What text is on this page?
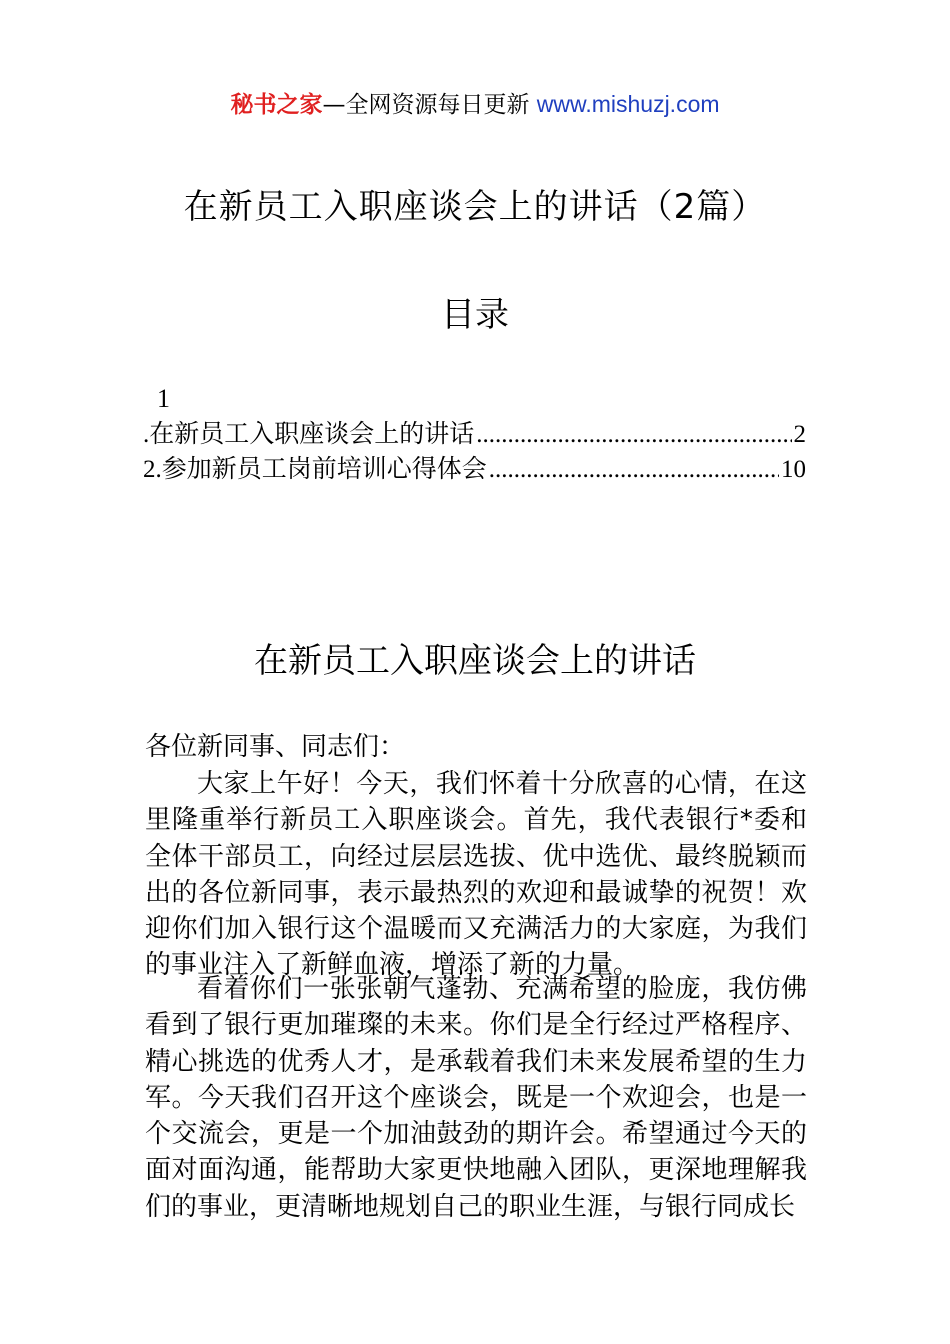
秘书之家—全网资源每日更新 www.mishuzj.com
在新员工入职座谈会上的讲话（2篇）
目录
1
.在新员工入职座谈会上的讲话 .....	2
2.参加新员工岗前培训心得体会 .....	10
在新员工入职座谈会上的讲话
各位新同事、同志们：

大家上午好！今天，我们怀着十分欣喜的心情，在这里隆重举行新员工入职座谈会。首先，我代表银行*委和全体干部员工，向经过层层选拔、优中选优、最终脱颖而出的各位新同事，表示最热烈的欢迎和最诚挚的祝贺！欢迎你们加入银行这个温暖而又充满活力的大家庭，为我们的事业注入了新鲜血液，增添了新的力量。

看着你们一张张朝气蓬勃、充满希望的脸庞，我仿佛看到了银行更加璀璨的未来。你们是全行经过严格程序、精心挑选的优秀人才，是承载着我们未来发展希望的生力军。今天我们召开这个座谈会，既是一个欢迎会，也是一个交流会，更是一个加油鼓劲的期许会。希望通过今天的面对面沟通，能帮助大家更快地融入团队，更深地理解我们的事业，更清晰地规划自己的职业生涯，与银行同成长
